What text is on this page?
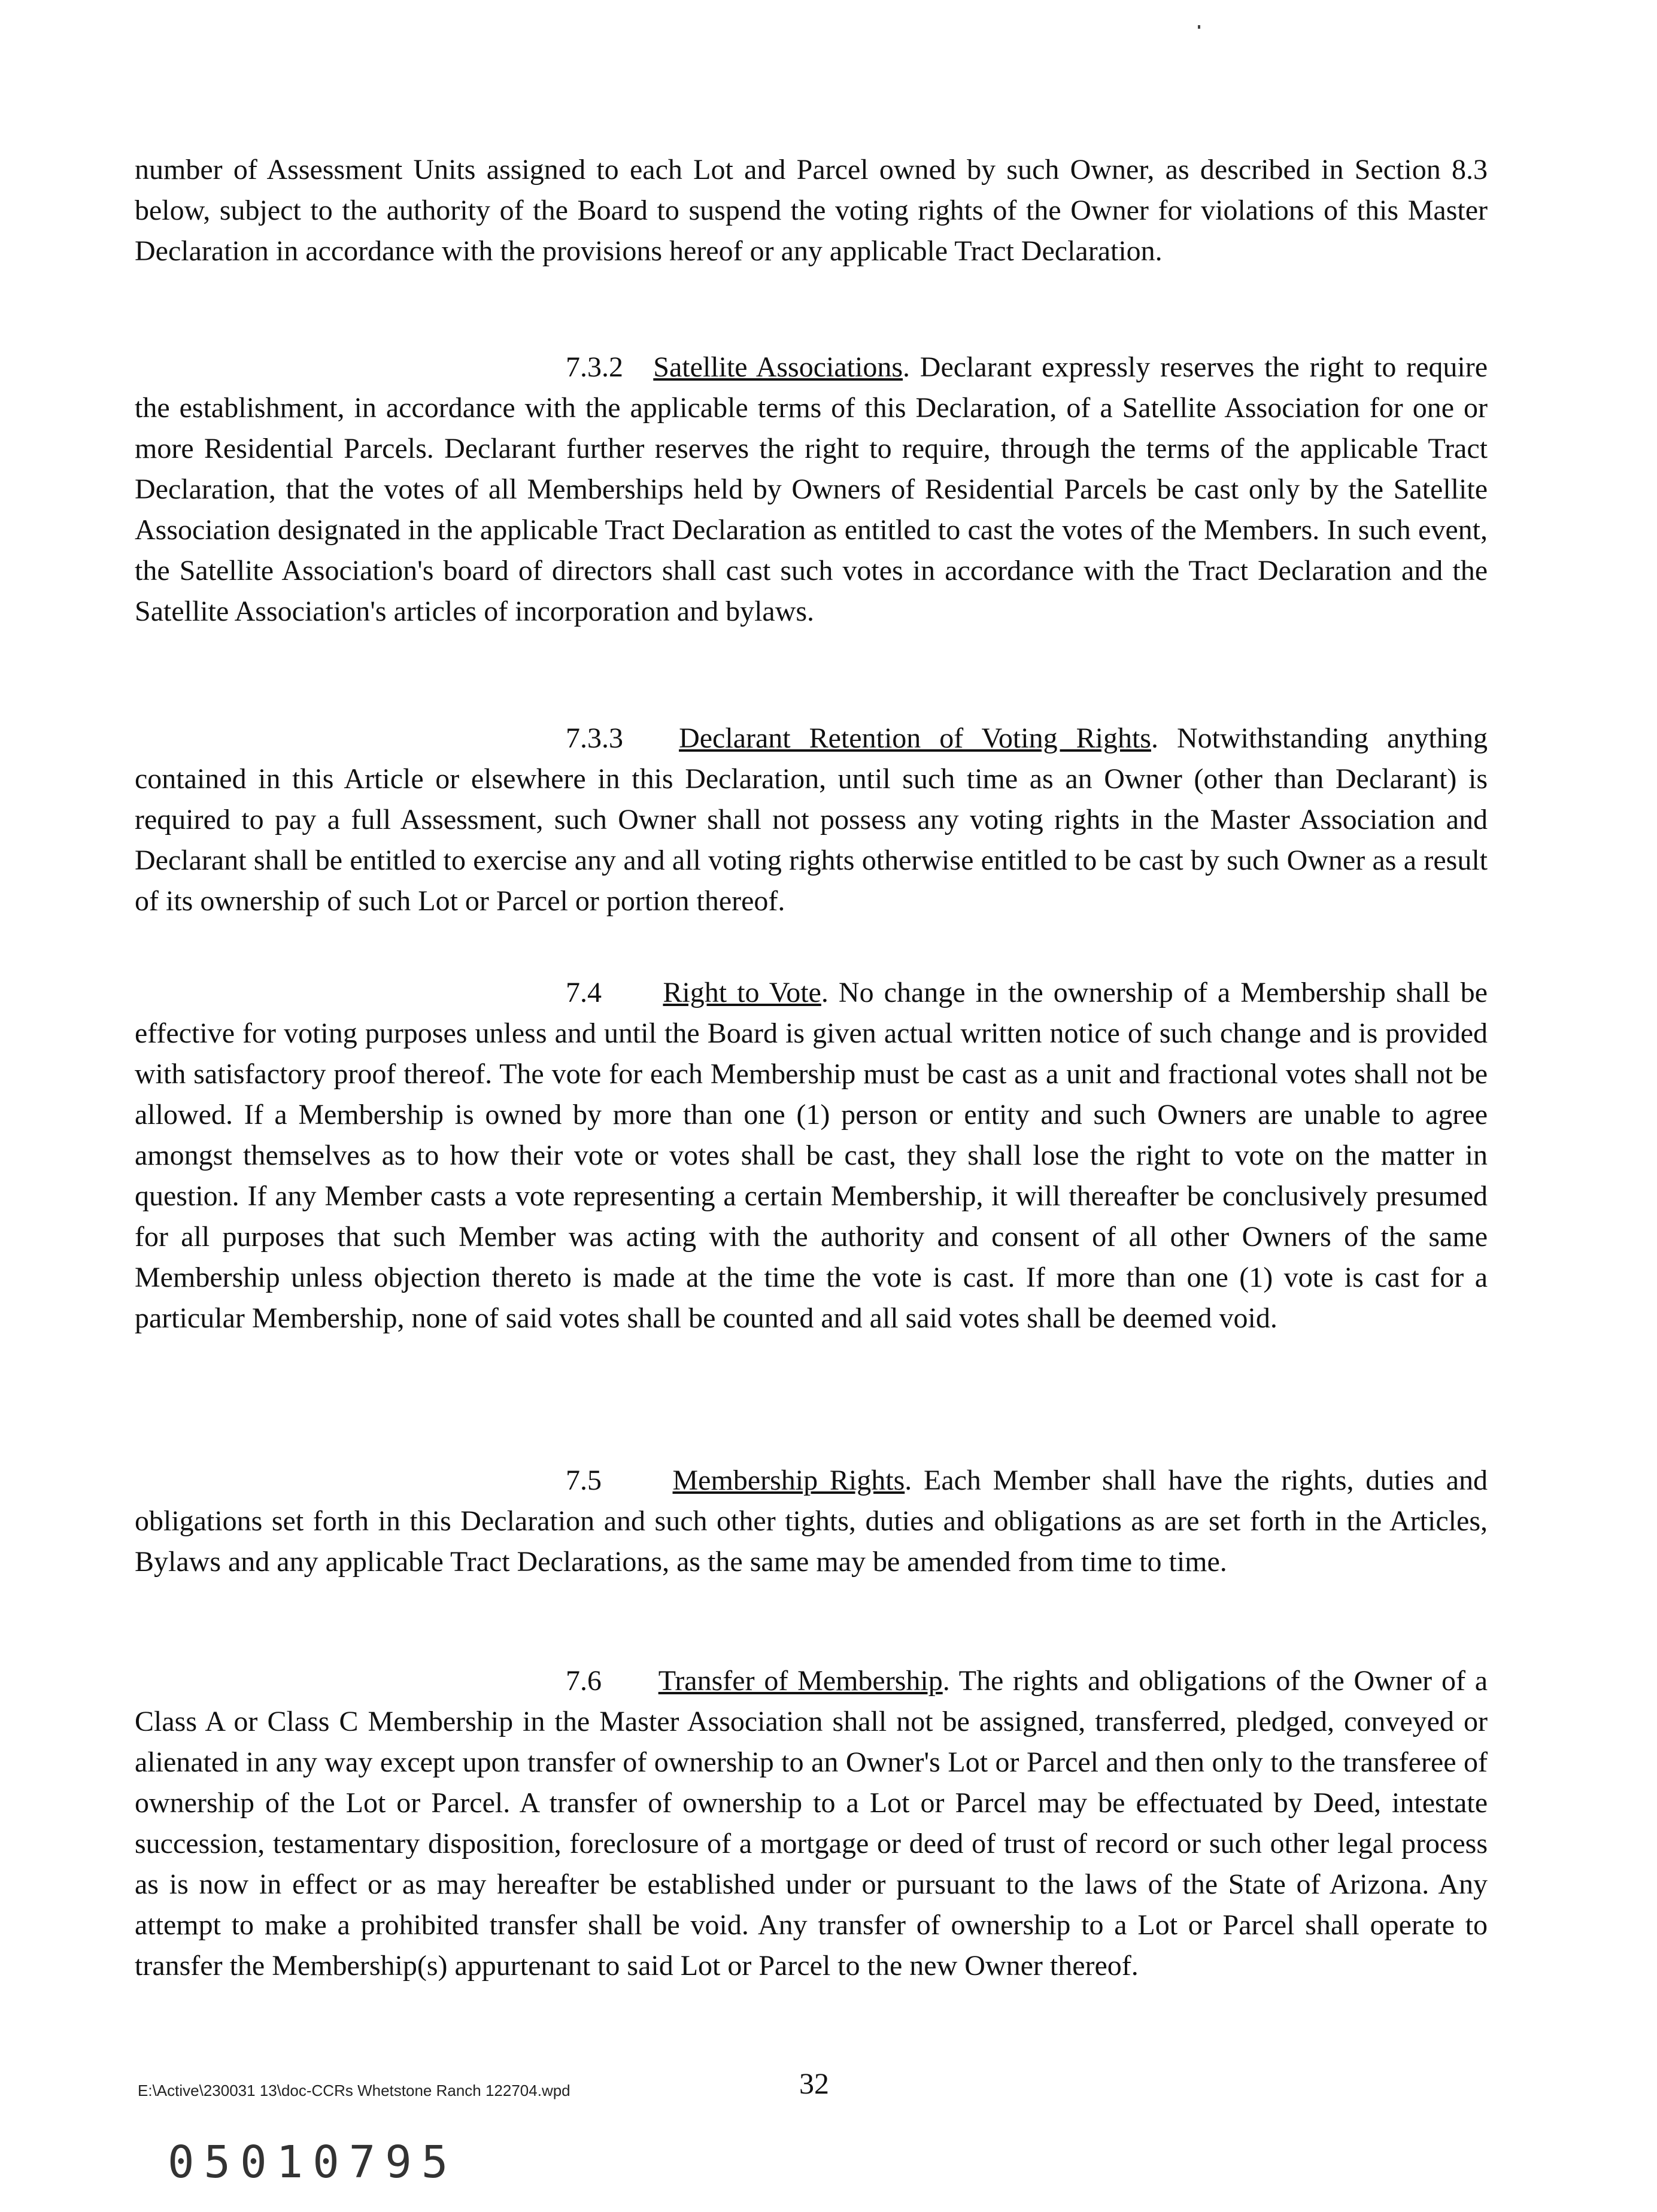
number of Assessment Units assigned to each Lot and Parcel owned by such Owner, as described in Section 8.3 below, subject to the authority of the Board to suspend the voting rights of the Owner for violations of this Master Declaration in accordance with the provisions hereof or any applicable Tract Declaration.

7.3.2 Satellite Associations. Declarant expressly reserves the right to require the establishment, in accordance with the applicable terms of this Declaration, of a Satellite Association for one or more Residential Parcels. Declarant further reserves the right to require, through the terms of the applicable Tract Declaration, that the votes of all Memberships held by Owners of Residential Parcels be cast only by the Satellite Association designated in the applicable Tract Declaration as entitled to cast the votes of the Members. In such event, the Satellite Association's board of directors shall cast such votes in accordance with the Tract Declaration and the Satellite Association's articles of incorporation and bylaws.

7.3.3 Declarant Retention of Voting Rights. Notwithstanding anything contained in this Article or elsewhere in this Declaration, until such time as an Owner (other than Declarant) is required to pay a full Assessment, such Owner shall not possess any voting rights in the Master Association and Declarant shall be entitled to exercise any and all voting rights otherwise entitled to be cast by such Owner as a result of its ownership of such Lot or Parcel or portion thereof.

7.4 Right to Vote. No change in the ownership of a Membership shall be effective for voting purposes unless and until the Board is given actual written notice of such change and is provided with satisfactory proof thereof. The vote for each Membership must be cast as a unit and fractional votes shall not be allowed. If a Membership is owned by more than one (1) person or entity and such Owners are unable to agree amongst themselves as to how their vote or votes shall be cast, they shall lose the right to vote on the matter in question. If any Member casts a vote representing a certain Membership, it will thereafter be conclusively presumed for all purposes that such Member was acting with the authority and consent of all other Owners of the same Membership unless objection thereto is made at the time the vote is cast. If more than one (1) vote is cast for a particular Membership, none of said votes shall be counted and all said votes shall be deemed void.

7.5 Membership Rights. Each Member shall have the rights, duties and obligations set forth in this Declaration and such other tights, duties and obligations as are set forth in the Articles, Bylaws and any applicable Tract Declarations, as the same may be amended from time to time.

7.6 Transfer of Membership. The rights and obligations of the Owner of a Class A or Class C Membership in the Master Association shall not be assigned, transferred, pledged, conveyed or alienated in any way except upon transfer of ownership to an Owner's Lot or Parcel and then only to the transferee of ownership of the Lot or Parcel. A transfer of ownership to a Lot or Parcel may be effectuated by Deed, intestate succession, testamentary disposition, foreclosure of a mortgage or deed of trust of record or such other legal process as is now in effect or as may hereafter be established under or pursuant to the laws of the State of Arizona. Any attempt to make a prohibited transfer shall be void. Any transfer of ownership to a Lot or Parcel shall operate to transfer the Membership(s) appurtenant to said Lot or Parcel to the new Owner thereof.

E:\Active\230031 13\doc-CCRs Whetstone Ranch 122704.wpd	32
05010795
